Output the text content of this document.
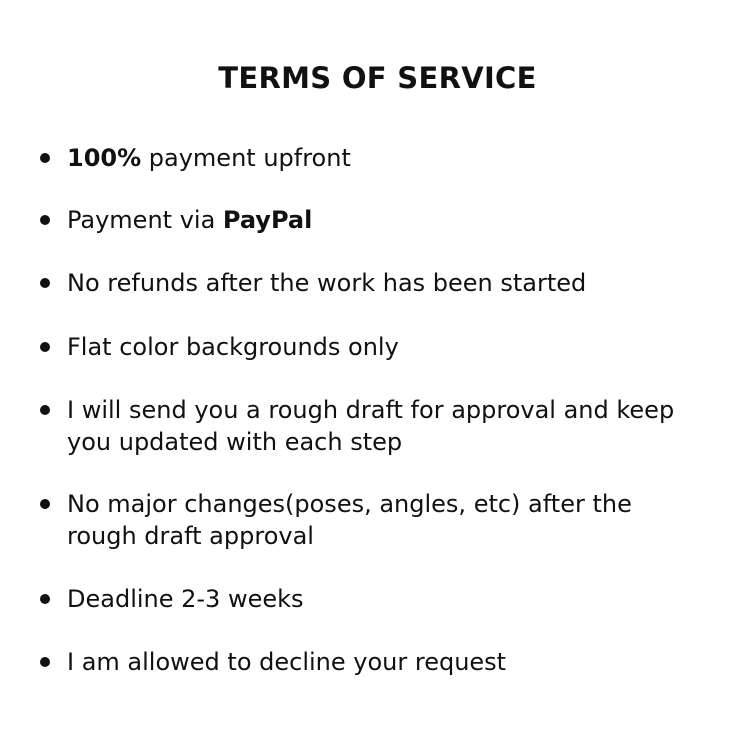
TERMS OF SERVICE
100% payment upfront
Payment via PayPal
No refunds after the work has been started
Flat color backgrounds only
I will send you a rough draft for approval and keep
you updated with each step
No major changes(poses, angles, etc) after the
rough draft approval
Deadline 2-3 weeks
I am allowed to decline your request
